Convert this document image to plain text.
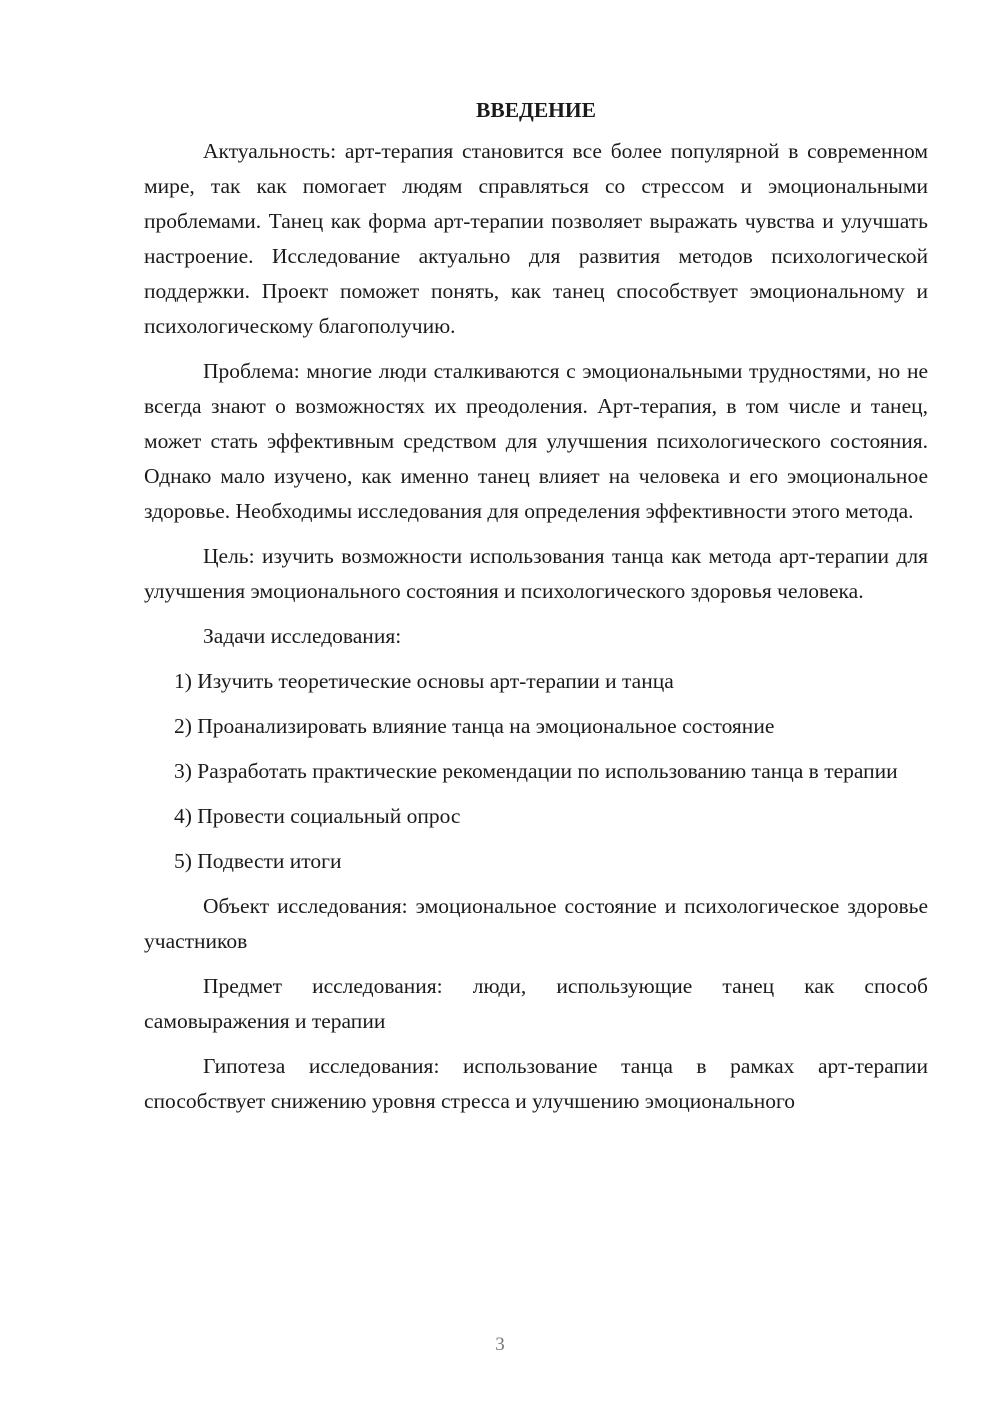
ВВЕДЕНИЕ

Актуальность: арт-терапия становится все более популярной в современном мире, так как помогает людям справляться со стрессом и эмоциональными проблемами. Танец как форма арт-терапии позволяет выражать чувства и улучшать настроение. Исследование актуально для развития методов психологической поддержки. Проект поможет понять, как танец способствует эмоциональному и психологическому благополучию.

Проблема: многие люди сталкиваются с эмоциональными трудностями, но не всегда знают о возможностях их преодоления. Арт-терапия, в том числе и танец, может стать эффективным средством для улучшения психологического состояния. Однако мало изучено, как именно танец влияет на человека и его эмоциональное здоровье. Необходимы исследования для определения эффективности этого метода.

Цель: изучить возможности использования танца как метода арт-терапии для улучшения эмоционального состояния и психологического здоровья человека.

Задачи исследования:

1) Изучить теоретические основы арт-терапии и танца

2) Проанализировать влияние танца на эмоциональное состояние

3) Разработать практические рекомендации по использованию танца в терапии

4) Провести социальный опрос

5) Подвести итоги

Объект исследования: эмоциональное состояние и психологическое здоровье участников

Предмет исследования: люди, использующие танец как способ самовыражения и терапии

Гипотеза исследования: использование танца в рамках арт-терапии способствует снижению уровня стресса и улучшению эмоционального

3
